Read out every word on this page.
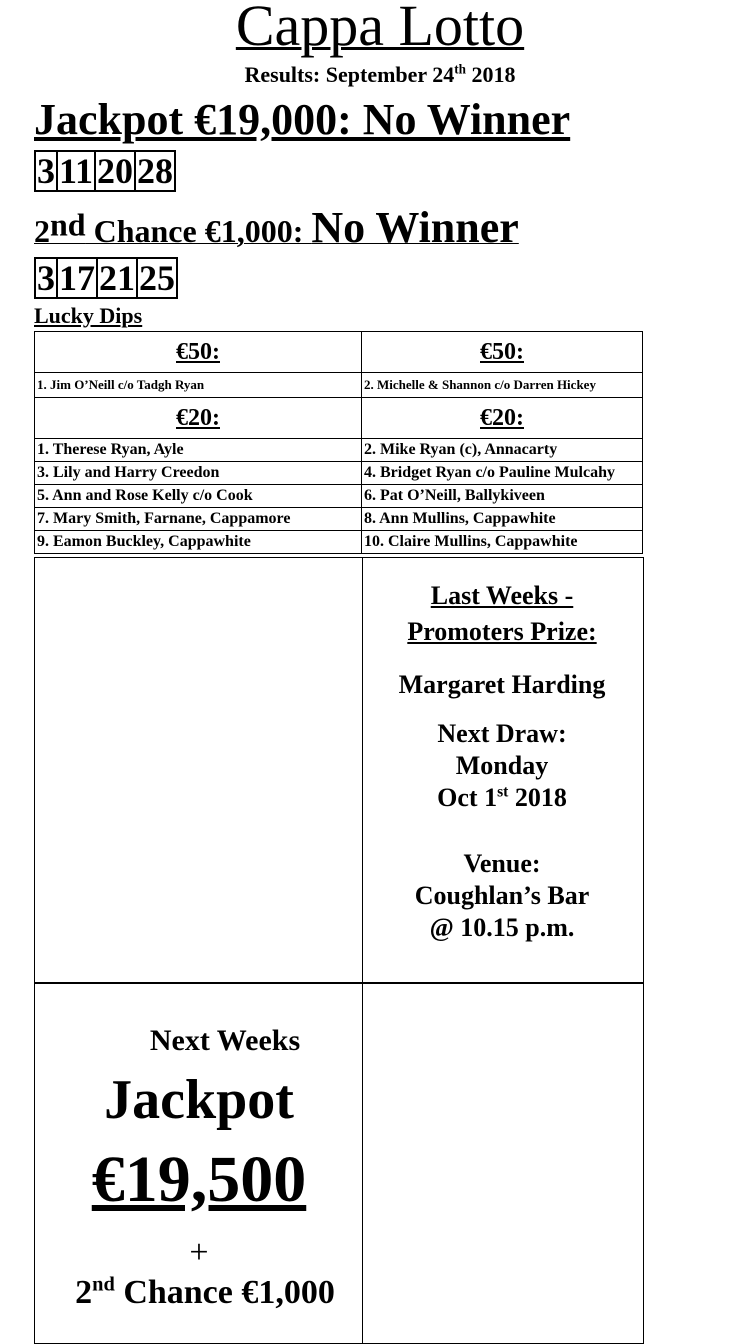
Cappa Lotto
Results: September 24th 2018
Jackpot €19,000: No Winner
3 11 20 28
2nd Chance €1,000: No Winner
3 17 21 25
Lucky Dips
€50:	€50:
1. Jim O’Neill c/o Tadgh Ryan	2. Michelle & Shannon c/o Darren Hickey
€20:	€20:
1. Therese Ryan, Ayle	2. Mike Ryan (c), Annacarty
3. Lily and Harry Creedon	4. Bridget Ryan c/o Pauline Mulcahy
5. Ann and Rose Kelly c/o Cook	6. Pat O’Neill, Ballykiveen
7. Mary Smith, Farnane, Cappamore	8. Ann Mullins, Cappawhite
9. Eamon Buckley, Cappawhite	10. Claire Mullins, Cappawhite
Last Weeks -
Promoters Prize:
Margaret Harding
Next Draw:
Monday
Oct 1st 2018
Venue:
Coughlan’s Bar
@ 10.15 p.m.
Next Weeks
Jackpot
€19,500
+
2nd Chance €1,000
